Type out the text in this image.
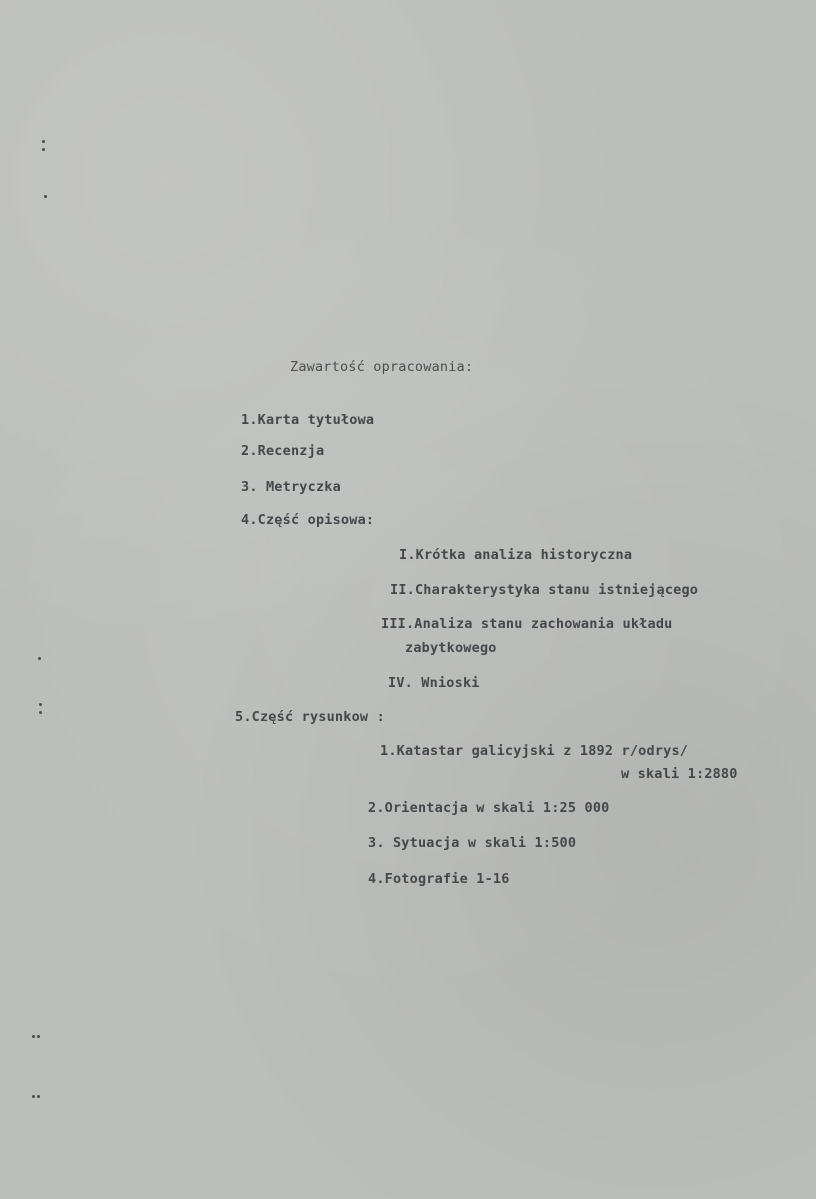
Zawartość opracowania:

1.Karta tytułowa

2.Recenzja

3. Metryczka

4.Część opisowa:

I.Krótka analiza historyczna

II.Charakterystyka stanu istniejącego

III.Analiza stanu zachowania układu

zabytkowego

IV. Wnioski

5.Część rysunkow :

1.Katastar galicyjski z 1892 r/odrys/

w skali 1:2880

2.Orientacja w skali 1:25 000

3. Sytuacja w skali 1:500

4.Fotografie 1-16
